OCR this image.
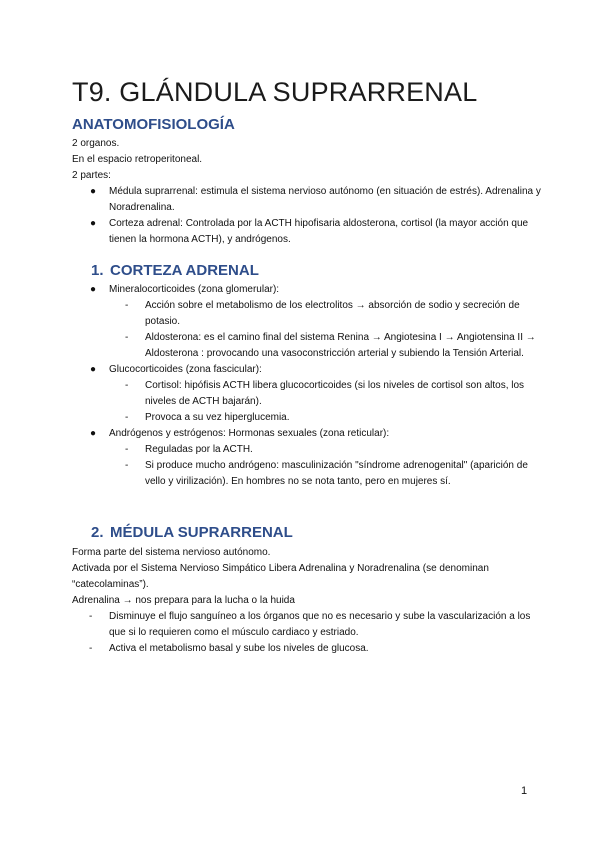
T9. GLÁNDULA SUPRARRENAL
ANATOMOFISIOLOGÍA

2 organos.

En el espacio retroperitoneal.

2 partes:

● Médula suprarrenal: estimula el sistema nervioso autónomo (en situación de estrés). Adrenalina y Noradrenalina.
● Corteza adrenal: Controlada por la ACTH hipofisaria aldosterona, cortisol (la mayor acción que tienen la hormona ACTH), y andrógenos.
1. CORTEZA ADRENAL
● Mineralocorticoides (zona glomerular):
- Acción sobre el metabolismo de los electrolitos → absorción de sodio y secreción de potasio.
- Aldosterona: es el camino final del sistema Renina → Angiotesina I → Angiotensina II → Aldosterona : provocando una vasoconstricción arterial y subiendo la Tensión Arterial.
● Glucocorticoides (zona fascicular):
- Cortisol: hipófisis ACTH libera glucocorticoides (si los niveles de cortisol son altos, los niveles de ACTH bajarán).
- Provoca a su vez hiperglucemia.
● Andrógenos y estrógenos: Hormonas sexuales (zona reticular):
- Reguladas por la ACTH.
- Si produce mucho andrógeno: masculinización "síndrome adrenogenital" (aparición de vello y virilización). En hombres no se nota tanto, pero en mujeres sí.
2. MÉDULA SUPRARRENAL

Forma parte del sistema nervioso autónomo.

Activada por el Sistema Nervioso Simpático Libera Adrenalina y Noradrenalina (se denominan “catecolaminas”).

Adrenalina → nos prepara para la lucha o la huida

- Disminuye el flujo sanguíneo a los órganos que no es necesario y sube la vascularización a los que si lo requieren como el músculo cardiaco y estriado.
- Activa el metabolismo basal y sube los niveles de glucosa.
1
